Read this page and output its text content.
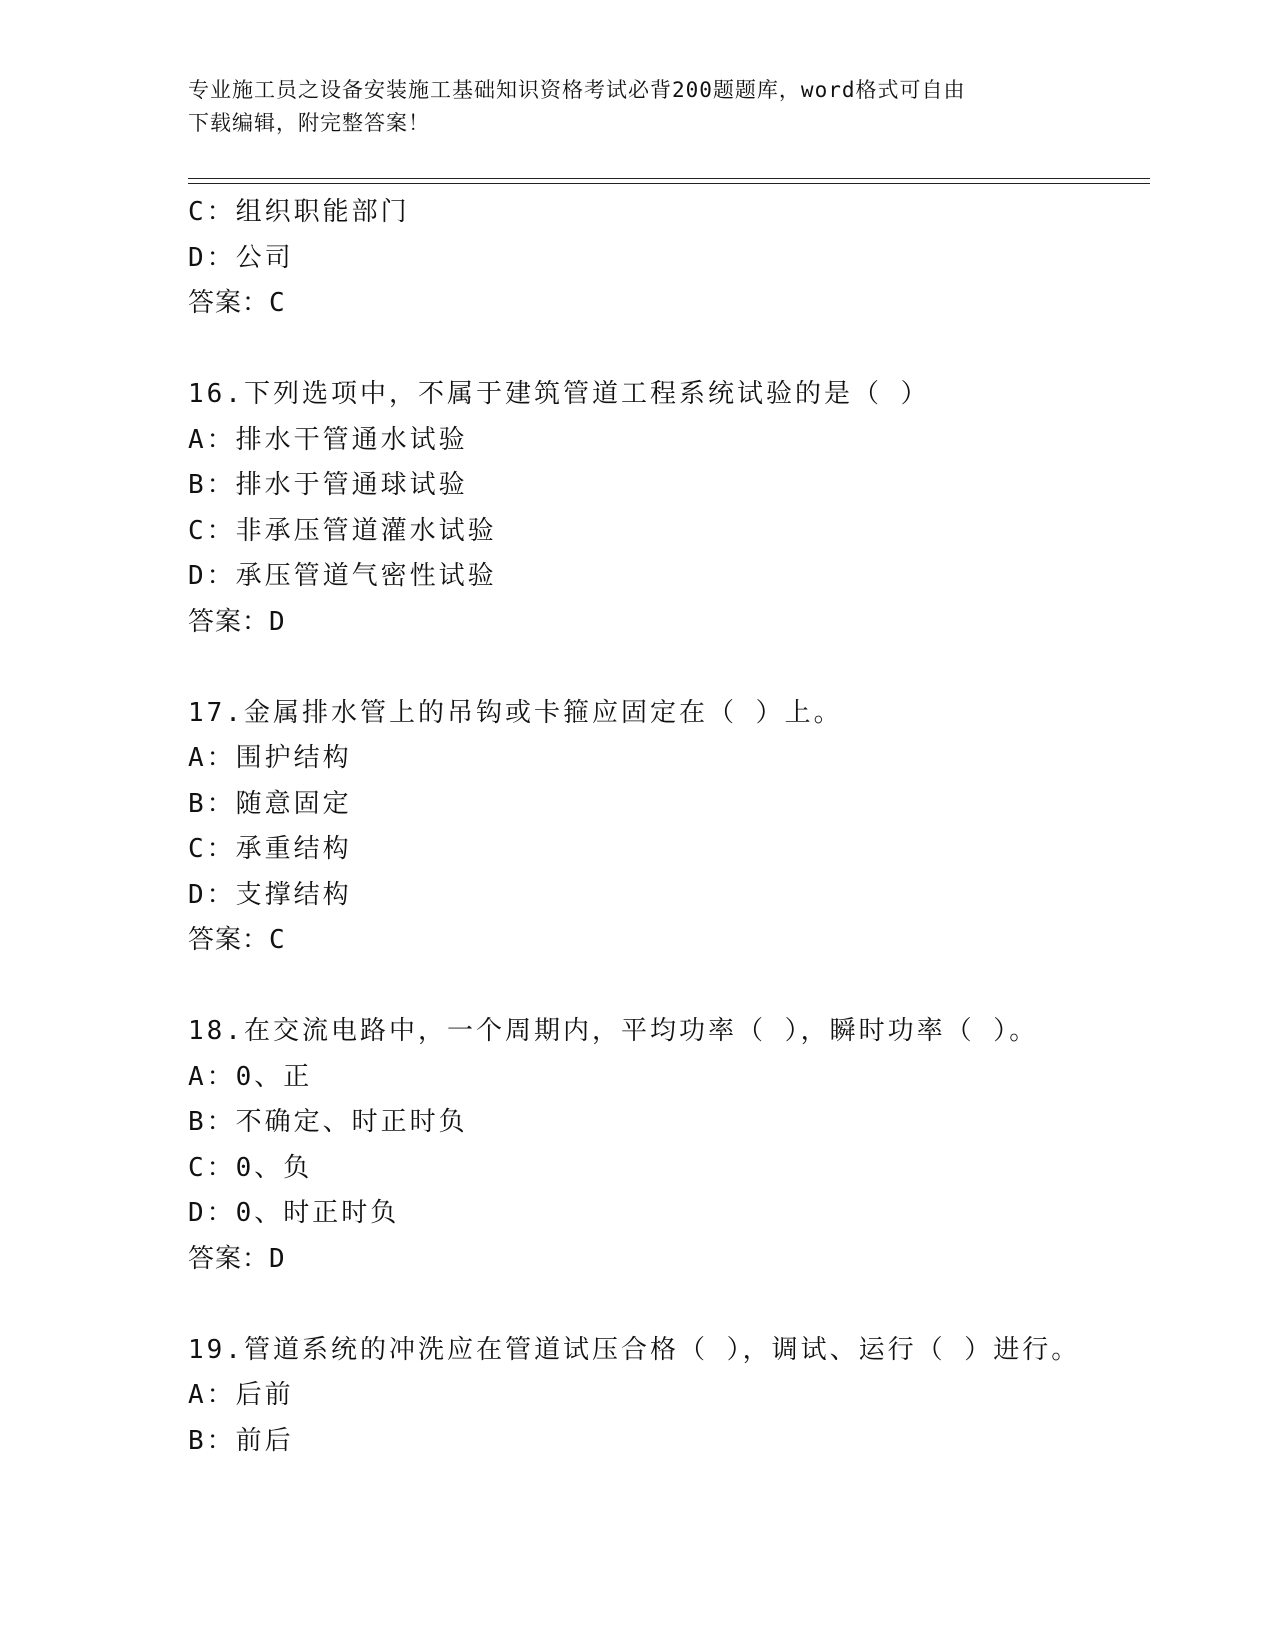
专业施工员之设备安装施工基础知识资格考试必背200题题库，word格式可自由
下载编辑，附完整答案！
C：组织职能部门
D：公司
答案：C
16.下列选项中，不属于建筑管道工程系统试验的是（ ）
A：排水干管通水试验
B：排水于管通球试验
C：非承压管道灌水试验
D：承压管道气密性试验
答案：D
17.金属排水管上的吊钩或卡箍应固定在（ ）上。
A：围护结构
B：随意固定
C：承重结构
D：支撑结构
答案：C
18.在交流电路中，一个周期内，平均功率（ ），瞬时功率（ ）。
A：0、正
B：不确定、时正时负
C：0、负
D：0、时正时负
答案：D
19.管道系统的冲洗应在管道试压合格（ ），调试、运行（ ）进行。
A：后前
B：前后
